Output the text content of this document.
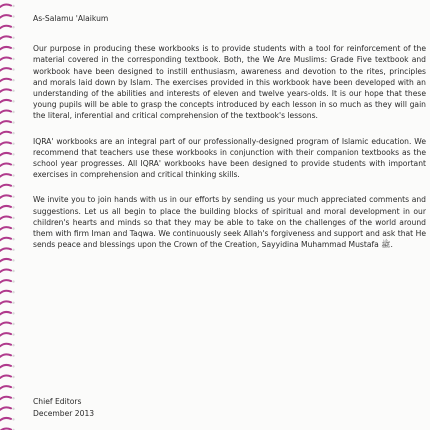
As-Salamu 'Alaikum
Our purpose in producing these workbooks is to provide students with a tool for reinforcement of the material covered in the corresponding textbook. Both, the We Are Muslims: Grade Five textbook and workbook have been designed to instill enthusiasm, awareness and devotion to the rites, principles and morals laid down by Islam. The exercises provided in this workbook have been developed with an understanding of the abilities and interests of eleven and twelve years-olds. It is our hope that these young pupils will be able to grasp the concepts introduced by each lesson in so much as they will gain the literal, inferential and critical comprehension of the textbook's lessons.
IQRA' workbooks are an integral part of our professionally-designed program of Islamic education. We recommend that teachers use these workbooks in conjunction with their companion textbooks as the school year progresses. All IQRA' workbooks have been designed to provide students with important exercises in comprehension and critical thinking skills.
We invite you to join hands with us in our efforts by sending us your much appreciated comments and suggestions. Let us all begin to place the building blocks of spiritual and moral development in our children's hearts and minds so that they may be able to take on the challenges of the world around them with firm Iman and Taqwa. We continuously seek Allah's forgiveness and support and ask that He sends peace and blessings upon the Crown of the Creation, Sayyidina Muhammad Mustafa ﷺ.
Chief Editors
December 2013
